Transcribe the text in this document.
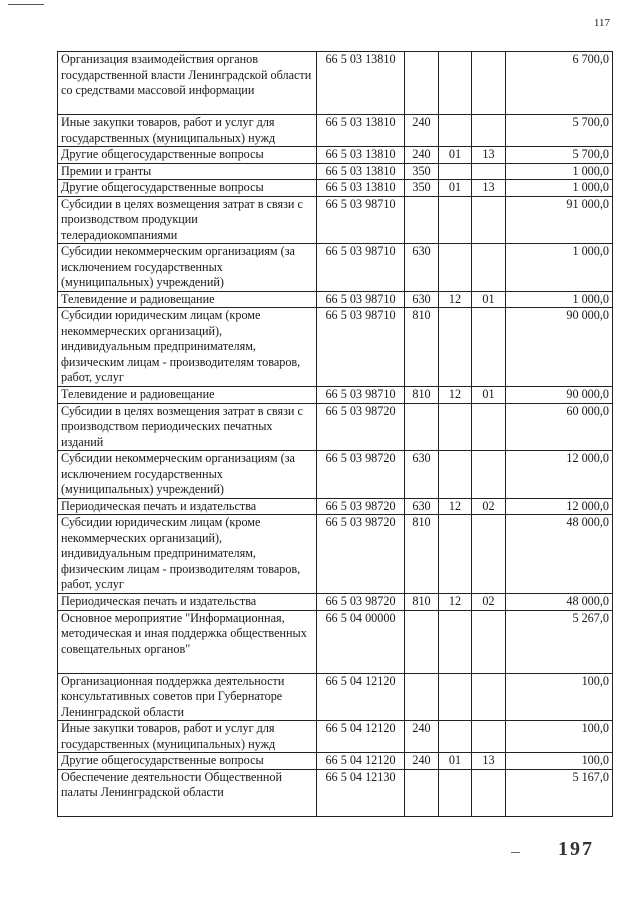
117
Организация взаимодействия органов государственной власти Ленинградской области со средствами массовой информации	66 5 03 13810				6 700,0
Иные закупки товаров, работ и услуг для государственных (муниципальных) нужд	66 5 03 13810	240			5 700,0
Другие общегосударственные вопросы	66 5 03 13810	240	01	13	5 700,0
Премии и гранты	66 5 03 13810	350			1 000,0
Другие общегосударственные вопросы	66 5 03 13810	350	01	13	1 000,0
Субсидии в целях возмещения затрат в связи с производством продукции телерадиокомпаниями	66 5 03 98710				91 000,0
Субсидии некоммерческим организациям (за исключением государственных (муниципальных) учреждений)	66 5 03 98710	630			1 000,0
Телевидение и радиовещание	66 5 03 98710	630	12	01	1 000,0
Субсидии юридическим лицам (кроме некоммерческих организаций), индивидуальным предпринимателям, физическим лицам - производителям товаров, работ, услуг	66 5 03 98710	810			90 000,0
Телевидение и радиовещание	66 5 03 98710	810	12	01	90 000,0
Субсидии в целях возмещения затрат в связи с производством периодических печатных изданий	66 5 03 98720				60 000,0
Субсидии некоммерческим организациям (за исключением государственных (муниципальных) учреждений)	66 5 03 98720	630			12 000,0
Периодическая печать и издательства	66 5 03 98720	630	12	02	12 000,0
Субсидии юридическим лицам (кроме некоммерческих организаций), индивидуальным предпринимателям, физическим лицам - производителям товаров, работ, услуг	66 5 03 98720	810			48 000,0
Периодическая печать и издательства	66 5 03 98720	810	12	02	48 000,0
Основное мероприятие "Информационная, методическая и иная поддержка общественных совещательных органов"	66 5 04 00000				5 267,0
Организационная поддержка деятельности консультативных советов при Губернаторе Ленинградской области	66 5 04 12120				100,0
Иные закупки товаров, работ и услуг для государственных (муниципальных) нужд	66 5 04 12120	240			100,0
Другие общегосударственные вопросы	66 5 04 12120	240	01	13	100,0
Обеспечение деятельности Общественной палаты Ленинградской области	66 5 04 12130				5 167,0
197
